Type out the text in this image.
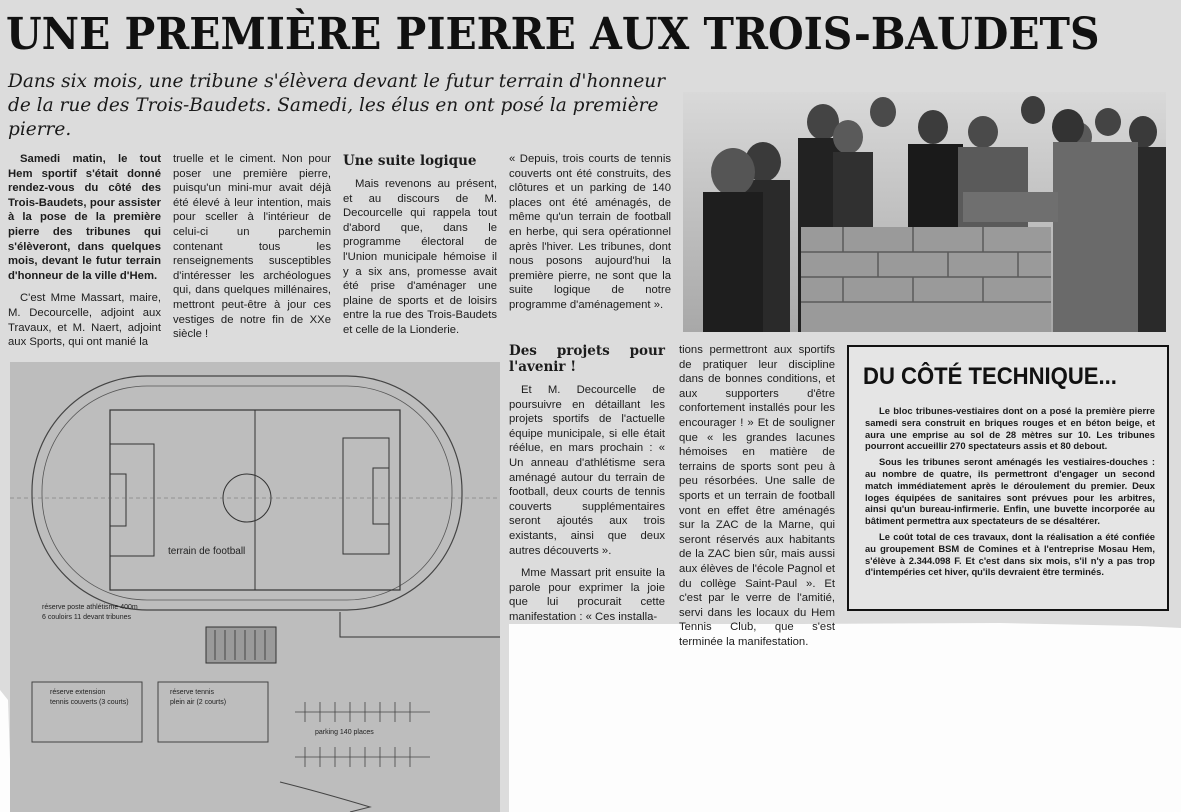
UNE PREMIÈRE PIERRE AUX TROIS-BAUDETS
Dans six mois, une tribune s'élèvera devant le futur terrain d'honneur de la rue des Trois-Baudets. Samedi, les élus en ont posé la première pierre.

Samedi matin, le tout Hem sportif s'était donné rendez-vous du côté des Trois-Baudets, pour assister à la pose de la première pierre des tribunes qui s'élèveront, dans quelques mois, devant le futur terrain d'honneur de la ville d'Hem.

C'est Mme Massart, maire, M. Decourcelle, adjoint aux Travaux, et M. Naert, adjoint aux Sports, qui ont manié la

truelle et le ciment. Non pour poser une première pierre, puisqu'un mini-mur avait déjà été élevé à leur intention, mais pour sceller à l'intérieur de celui-ci un parchemin contenant tous les renseignements susceptibles d'intéresser les archéologues qui, dans quelques millénaires, mettront peut-être à jour ces vestiges de notre fin de XXe siècle !

Une suite logique

Mais revenons au présent, et au discours de M. Decourcelle qui rappela tout d'abord que, dans le programme électoral de l'Union municipale hémoise il y a six ans, promesse avait été prise d'aménager une plaine de sports et de loisirs entre la rue des Trois-Baudets et celle de la Lionderie.

« Depuis, trois courts de tennis couverts ont été construits, des clôtures et un parking de 140 places ont été aménagés, de même qu'un terrain de football en herbe, qui sera opérationnel après l'hiver. Les tribunes, dont nous posons aujourd'hui la première pierre, ne sont que la suite logique de notre programme d'aménagement ».

Des projets pour l'avenir !

Et M. Decourcelle de poursuivre en détaillant les projets sportifs de l'actuelle équipe municipale, si elle était réélue, en mars prochain : « Un anneau d'athlétisme sera aménagé autour du terrain de football, deux courts de tennis couverts supplémentaires seront ajoutés aux trois existants, ainsi que deux autres découverts ».

Mme Massart prit ensuite la parole pour exprimer la joie que lui procurait cette manifestation : « Ces installa-

tions permettront aux sportifs de pratiquer leur discipline dans de bonnes conditions, et aux supporters d'être confortement installés pour les encourager ! » Et de souligner que « les grandes lacunes hémoises en matière de terrains de sports sont peu à peu résorbées. Une salle de sports et un terrain de football vont en effet être aménagés sur la ZAC de la Marne, qui seront réservés aux habitants de la ZAC bien sûr, mais aussi aux élèves de l'école Pagnol et du collège Saint-Paul ». Et c'est par le verre de l'amitié, servi dans les locaux du Hem Tennis Club, que s'est terminée la manifestation.

terrain de football
réserve poste athlétisme 400m
6 couloirs 11 devant tribunes
réserve extension
tennis couverts (3 courts)
réserve tennis
plein air (2 courts)
parking 140 places
DU CÔTÉ TECHNIQUE...

Le bloc tribunes-vestiaires dont on a posé la première pierre samedi sera construit en briques rouges et en béton beige, et aura une emprise au sol de 28 mètres sur 10. Les tribunes pourront accueillir 270 spectateurs assis et 80 debout.

Sous les tribunes seront aménagés les vestiaires-douches : au nombre de quatre, ils permettront d'engager un second match immédiatement après le déroulement du premier. Deux loges équipées de sanitaires sont prévues pour les arbitres, ainsi qu'un bureau-infirmerie. Enfin, une buvette incorporée au bâtiment permettra aux spectateurs de se désaltérer.

Le coût total de ces travaux, dont la réalisation a été confiée au groupement BSM de Comines et à l'entreprise Mosau Hem, s'élève à 2.344.098 F. Et c'est dans six mois, s'il n'y a pas trop d'intempéries cet hiver, qu'ils devraient être terminés.
